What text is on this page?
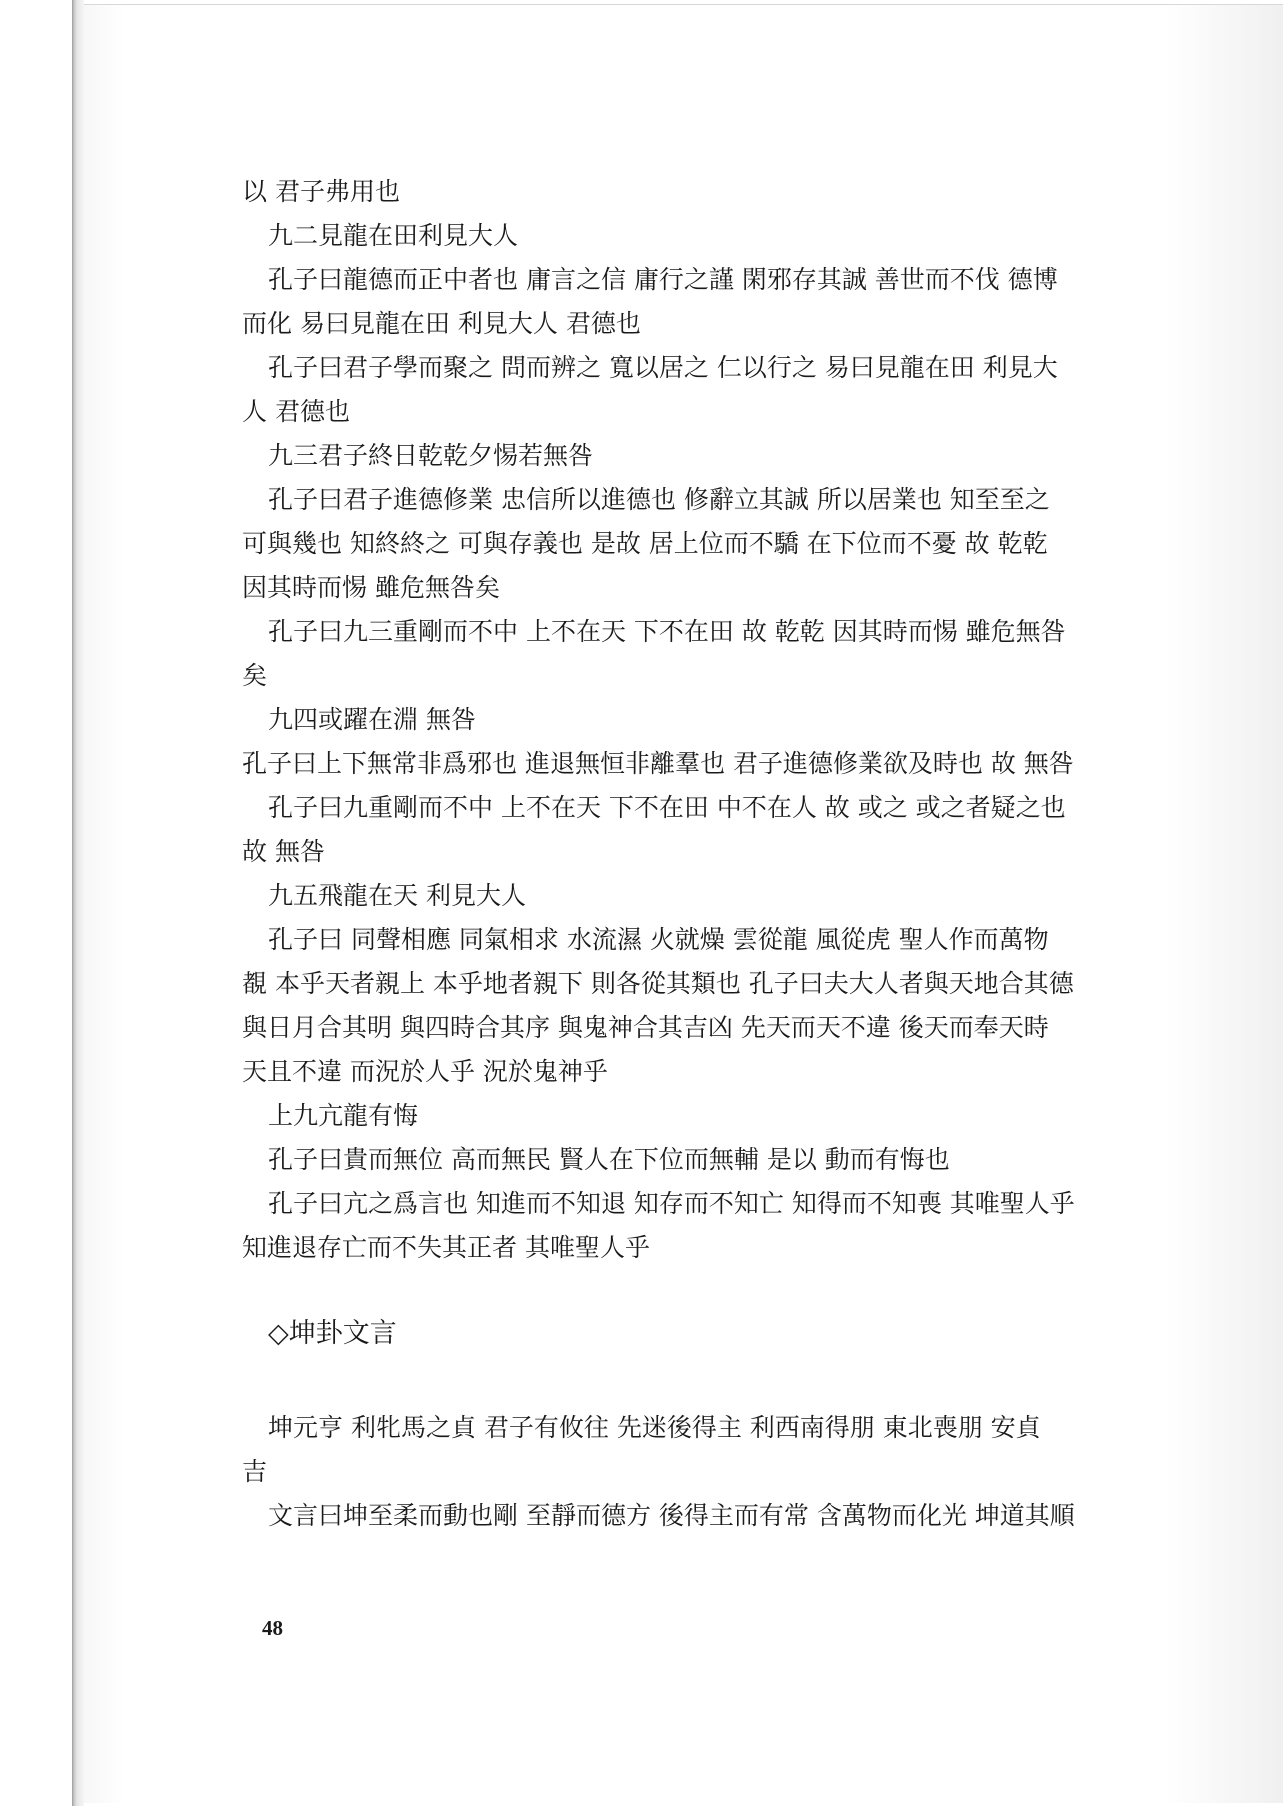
以 君子弗用也
九二見龍在田利見大人
孔子曰龍德而正中者也 庸言之信 庸行之謹 閑邪存其誠 善世而不伐 德博
而化 易曰見龍在田 利見大人 君德也
孔子曰君子學而聚之 問而辨之 寬以居之 仁以行之 易曰見龍在田 利見大
人 君德也
九三君子終日乾乾夕惕若無咎
孔子曰君子進德修業 忠信所以進德也 修辭立其誠 所以居業也 知至至之
可與幾也 知終終之 可與存義也 是故 居上位而不驕 在下位而不憂 故 乾乾
因其時而惕 雖危無咎矣
孔子曰九三重剛而不中 上不在天 下不在田 故 乾乾 因其時而惕 雖危無咎
矣
九四或躍在淵 無咎
孔子曰上下無常非爲邪也 進退無恒非離羣也 君子進德修業欲及時也 故 無咎
孔子曰九重剛而不中 上不在天 下不在田 中不在人 故 或之 或之者疑之也
故 無咎
九五飛龍在天 利見大人
孔子曰 同聲相應 同氣相求 水流濕 火就燥 雲從龍 風從虎 聖人作而萬物
覩 本乎天者親上 本乎地者親下 則各從其類也 孔子曰夫大人者與天地合其德
與日月合其明 與四時合其序 與鬼神合其吉凶 先天而天不違 後天而奉天時
天且不違 而況於人乎 況於鬼神乎
上九亢龍有悔
孔子曰貴而無位 高而無民 賢人在下位而無輔 是以 動而有悔也
孔子曰亢之爲言也 知進而不知退 知存而不知亡 知得而不知喪 其唯聖人乎
知進退存亡而不失其正者 其唯聖人乎
◇坤卦文言
坤元亨 利牝馬之貞 君子有攸往 先迷後得主 利西南得朋 東北喪朋 安貞
吉
文言曰坤至柔而動也剛 至靜而德方 後得主而有常 含萬物而化光 坤道其順
48
